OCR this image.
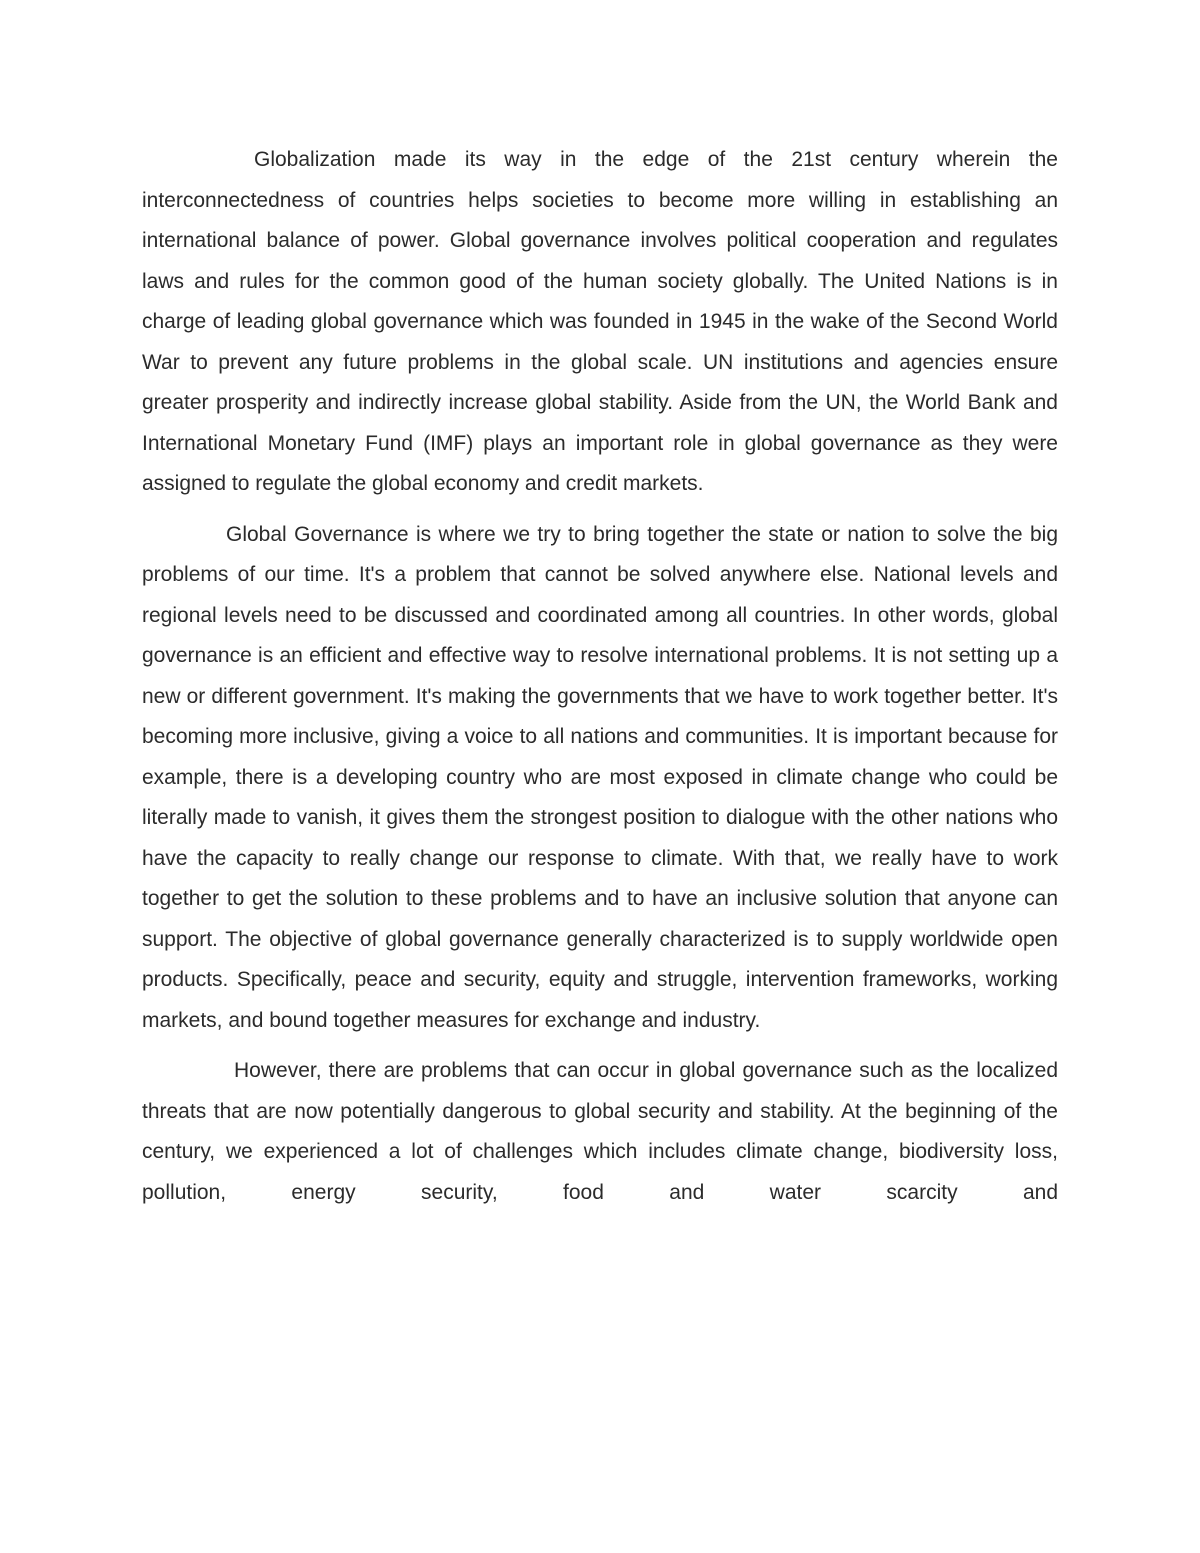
Globalization made its way in the edge of the 21st century wherein the interconnectedness of countries helps societies to become more willing in establishing an international balance of power. Global governance involves political cooperation and regulates laws and rules for the common good of the human society globally. The United Nations is in charge of leading global governance which was founded in 1945 in the wake of the Second World War to prevent any future problems in the global scale. UN institutions and agencies ensure greater prosperity and indirectly increase global stability. Aside from the UN, the World Bank and International Monetary Fund (IMF) plays an important role in global governance as they were assigned to regulate the global economy and credit markets.

Global Governance is where we try to bring together the state or nation to solve the big problems of our time. It's a problem that cannot be solved anywhere else. National levels and regional levels need to be discussed and coordinated among all countries. In other words, global governance is an efficient and effective way to resolve international problems. It is not setting up a new or different government. It's making the governments that we have to work together better. It's becoming more inclusive, giving a voice to all nations and communities. It is important because for example, there is a developing country who are most exposed in climate change who could be literally made to vanish, it gives them the strongest position to dialogue with the other nations who have the capacity to really change our response to climate. With that, we really have to work together to get the solution to these problems and to have an inclusive solution that anyone can support. The objective of global governance generally characterized is to supply worldwide open products. Specifically, peace and security, equity and struggle, intervention frameworks, working markets, and bound together measures for exchange and industry.

However, there are problems that can occur in global governance such as the localized threats that are now potentially dangerous to global security and stability. At the beginning of the century, we experienced a lot of challenges which includes climate change, biodiversity loss, pollution, energy security, food and water scarcity and
